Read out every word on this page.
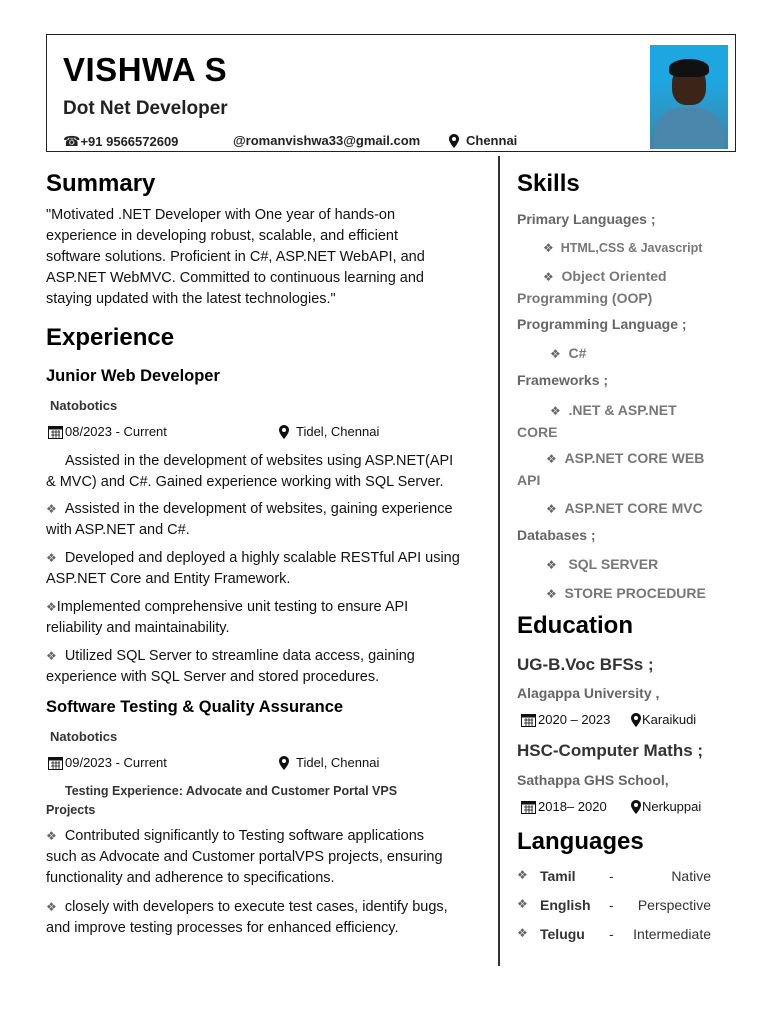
VISHWA S
Dot Net Developer
☎ +91 9566572609	@romanvishwa33@gmail.com	Chennai
Summary
"Motivated .NET Developer with One year of hands-on
experience in developing robust, scalable, and efficient
software solutions. Proficient in C#, ASP.NET WebAPI, and
ASP.NET WebMVC. Committed to continuous learning and
staying updated with the latest technologies."
Experience
Junior Web Developer
Natobotics
08/2023 - Current	Tidel, Chennai
Assisted in the development of websites using ASP.NET(API
& MVC) and C#. Gained experience working with SQL Server.
❖ Assisted in the development of websites, gaining experience
with ASP.NET and C#.
❖ Developed and deployed a highly scalable RESTful API using
ASP.NET Core and Entity Framework.
❖Implemented comprehensive unit testing to ensure API
reliability and maintainability.
❖ Utilized SQL Server to streamline data access, gaining
experience with SQL Server and stored procedures.
Software Testing & Quality Assurance
Natobotics
09/2023 - Current	Tidel, Chennai
Testing Experience: Advocate and Customer Portal VPS
Projects
❖ Contributed significantly to Testing software applications
such as Advocate and Customer portalVPS projects, ensuring
functionality and adherence to specifications.
❖ closely with developers to execute test cases, identify bugs,
and improve testing processes for enhanced efficiency.
Skills
Primary Languages ;
❖ HTML,CSS & Javascript
❖ Object Oriented
Programming (OOP)
Programming Language ;
❖ C#
Frameworks ;
❖ .NET & ASP.NET
CORE
❖ ASP.NET CORE WEB
API
❖ ASP.NET CORE MVC
Databases ;
❖ SQL SERVER
❖ STORE PROCEDURE
Education
UG-B.Voc BFSs ;
Alagappa University ,
2020 – 2023 Karaikudi
HSC-Computer Maths ;
Sathappa GHS School,
2018– 2020	Nerkuppai
Languages
❖ Tamil -	Native
❖ English - Perspective
❖ Telugu - Intermediate
